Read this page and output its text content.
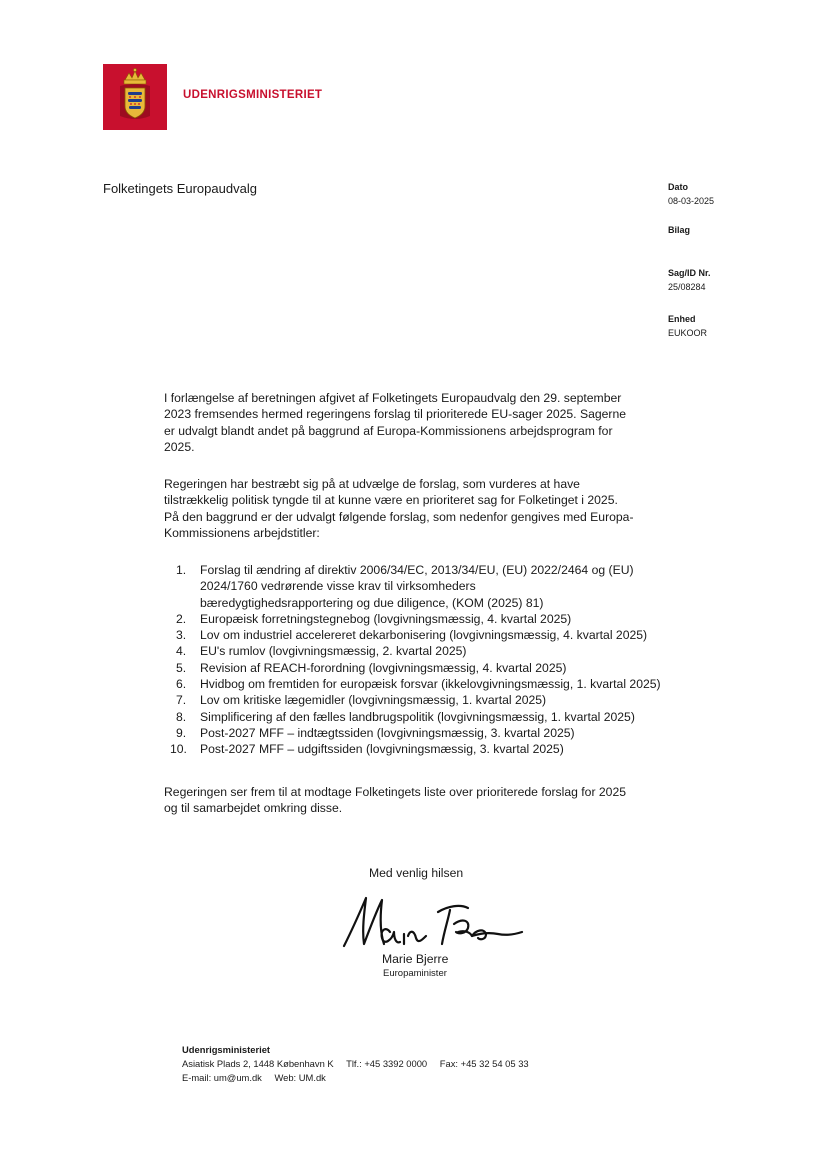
UDENRIGSMINISTERIET
Folketingets Europaudvalg	Dato
08-03-2025
Bilag
Sag/ID Nr.
25/08284
Enhed
EUKOOR

I forlængelse af beretningen afgivet af Folketingets Europaudvalg den 29. september

2023 fremsendes hermed regeringens forslag til prioriterede EU-sager 2025. Sagerne

er udvalgt blandt andet på baggrund af Europa-Kommissionens arbejdsprogram for

2025.

Regeringen har bestræbt sig på at udvælge de forslag, som vurderes at have

tilstrækkelig politisk tyngde til at kunne være en prioriteret sag for Folketinget i 2025.

På den baggrund er der udvalgt følgende forslag, som nedenfor gengives med Europa-

Kommissionens arbejdstitler:

1. Forslag til ændring af direktiv 2006/34/EC, 2013/34/EU, (EU) 2022/2464 og (EU)
2024/1760 vedrørende visse krav til virksomheders
bæredygtighedsrapportering og due diligence, (KOM (2025) 81)
2. Europæisk forretningstegnebog (lovgivningsmæssig, 4. kvartal 2025)
3. Lov om industriel accelereret dekarbonisering (lovgivningsmæssig, 4. kvartal 2025)
4. EU's rumlov (lovgivningsmæssig, 2. kvartal 2025)
5. Revision af REACH-forordning (lovgivningsmæssig, 4. kvartal 2025)
6. Hvidbog om fremtiden for europæisk forsvar (ikkelovgivningsmæssig, 1. kvartal 2025)
7. Lov om kritiske lægemidler (lovgivningsmæssig, 1. kvartal 2025)
8. Simplificering af den fælles landbrugspolitik (lovgivningsmæssig, 1. kvartal 2025)
9. Post-2027 MFF – indtægtssiden (lovgivningsmæssig, 3. kvartal 2025)
10. Post-2027 MFF – udgiftssiden (lovgivningsmæssig, 3. kvartal 2025)

Regeringen ser frem til at modtage Folketingets liste over prioriterede forslag for 2025

og til samarbejdet omkring disse.

Med venlig hilsen
Marie Bjerre
Europaminister
Udenrigsministeriet
Asiatisk Plads 2, 1448 København K Tlf.: +45 3392 0000 Fax: +45 32 54 05 33
E-mail: um@um.dk Web: UM.dk
